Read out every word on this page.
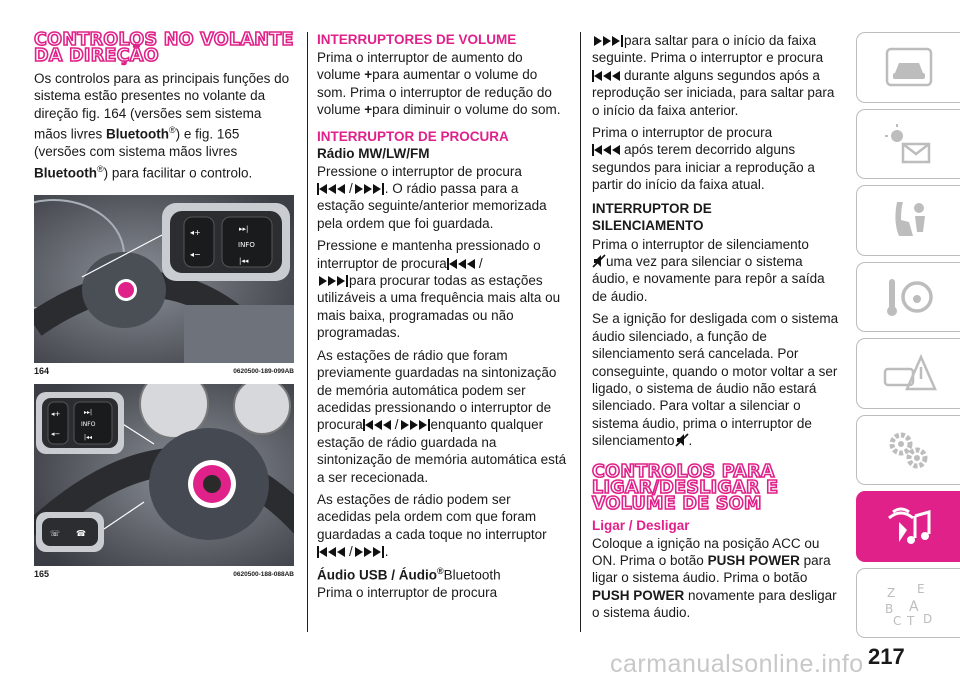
CONTROLOS NO VOLANTE DA DIREÇÃO

Os controlos para as principais funções do sistema estão presentes no volante da direção fig. 164 (versões sem sistema mãos livres Bluetooth®) e fig. 165 (versões com sistema mãos livres Bluetooth®) para facilitar o controlo.

◂+
◂−
▸▸|
INFO
|◂◂
164	0620500-189-099AB
◂+
◂−
▸▸|
INFO
|◂◂
☏ ☎
165	0620500-188-088AB
INTERRUPTORES DE VOLUME

Prima o interruptor de aumento do volume +para aumentar o volume do som. Prima o interruptor de redução do volume +para diminuir o volume do som.

INTERRUPTOR DE PROCURA
Rádio MW/LW/FM

Pressione o interruptor de procura
/ . O rádio passa para a estação seguinte/anterior memorizada pela ordem que foi guardada.

Pressione e mantenha pressionado o interruptor de procura /
para procurar todas as estações utilizáveis a uma frequência mais alta ou mais baixa, programadas ou não programadas.

As estações de rádio que foram previamente guardadas na sintonização de memória automática podem ser acedidas pressionando o interruptor de procura / enquanto qualquer estação de rádio guardada na sintonização de memória automática está a ser rececionada.

As estações de rádio podem ser acedidas pela ordem com que foram guardadas a cada toque no interruptor
/ .

Áudio USB / Áudio®Bluetooth

Prima o interruptor de procura

para saltar para o início da faixa seguinte. Prima o interruptor e procura
durante alguns segundos após a reprodução ser iniciada, para saltar para o início da faixa anterior.

Prima o interruptor de procura
após terem decorrido alguns segundos para iniciar a reprodução a partir do início da faixa atual.

INTERRUPTOR DE SILENCIAMENTO

Prima o interruptor de silenciamento
uma vez para silenciar o sistema áudio, e novamente para repôr a saída de áudio.

Se a ignição for desligada com o sistema áudio silenciado, a função de silenciamento será cancelada. Por conseguinte, quando o motor voltar a ser ligado, o sistema de áudio não estará silenciado. Para voltar a silenciar o sistema áudio, prima o interruptor de silenciamento .

CONTROLOS PARA LIGAR/DESLIGAR E VOLUME DE SOM
Ligar / Desligar

Coloque a ignição na posição ACC ou ON. Prima o botão PUSH POWER para ligar o sistema áudio. Prima o botão PUSH POWER novamente para desligar o sistema áudio.

Z E
B A
C T D
carmanualsonline.info 217
